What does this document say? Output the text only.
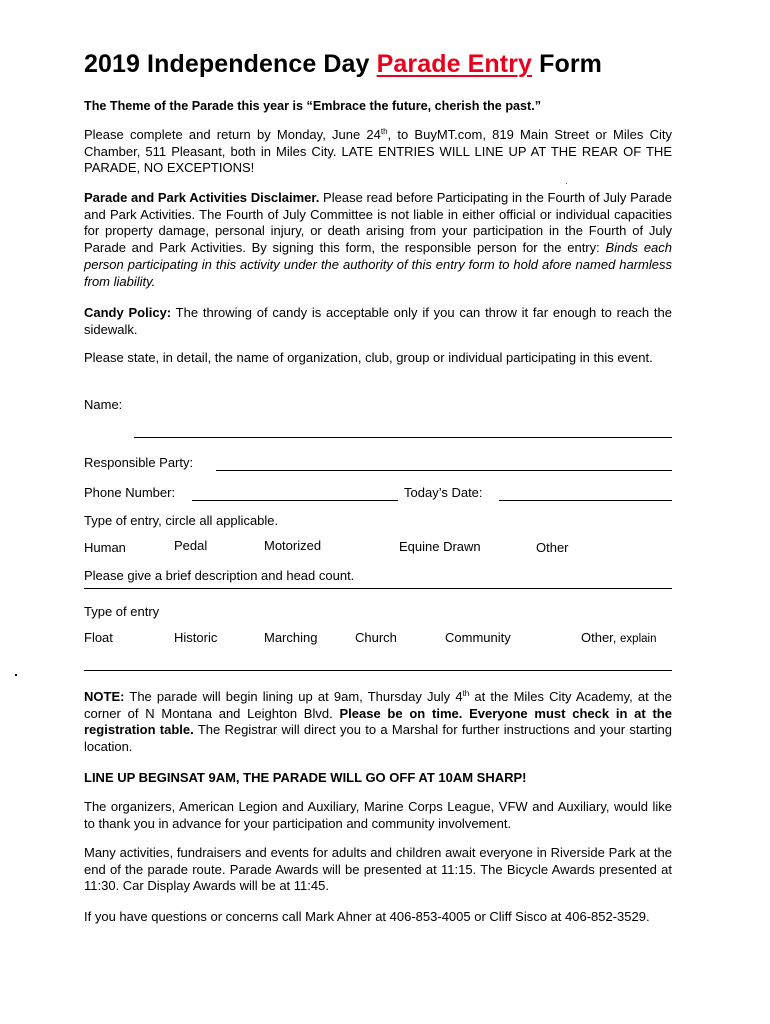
2019 Independence Day Parade Entry Form
The Theme of the Parade this year is “Embrace the future, cherish the past.”
Please complete and return by Monday, June 24th, to BuyMT.com, 819 Main Street or Miles City Chamber, 511 Pleasant, both in Miles City. LATE ENTRIES WILL LINE UP AT THE REAR OF THE PARADE, NO EXCEPTIONS!
Parade and Park Activities Disclaimer. Please read before Participating in the Fourth of July Parade and Park Activities. The Fourth of July Committee is not liable in either official or individual capacities for property damage, personal injury, or death arising from your participation in the Fourth of July Parade and Park Activities. By signing this form, the responsible person for the entry: Binds each person participating in this activity under the authority of this entry form to hold afore named harmless from liability.
Candy Policy: The throwing of candy is acceptable only if you can throw it far enough to reach the sidewalk.
Please state, in detail, the name of organization, club, group or individual participating in this event.
Name:
Responsible Party:
Phone Number:	Today’s Date:
Type of entry, circle all applicable.
Human	Pedal	Motorized	Equine Drawn	Other
Please give a brief description and head count.
Type of entry
Float	Historic	Marching	Church	Community	Other, explain
NOTE: The parade will begin lining up at 9am, Thursday July 4th at the Miles City Academy, at the corner of N Montana and Leighton Blvd. Please be on time. Everyone must check in at the registration table. The Registrar will direct you to a Marshal for further instructions and your starting location.
LINE UP BEGINSAT 9AM, THE PARADE WILL GO OFF AT 10AM SHARP!
The organizers, American Legion and Auxiliary, Marine Corps League, VFW and Auxiliary, would like to thank you in advance for your participation and community involvement.
Many activities, fundraisers and events for adults and children await everyone in Riverside Park at the end of the parade route. Parade Awards will be presented at 11:15. The Bicycle Awards presented at 11:30. Car Display Awards will be at 11:45.
If you have questions or concerns call Mark Ahner at 406-853-4005 or Cliff Sisco at 406-852-3529.
